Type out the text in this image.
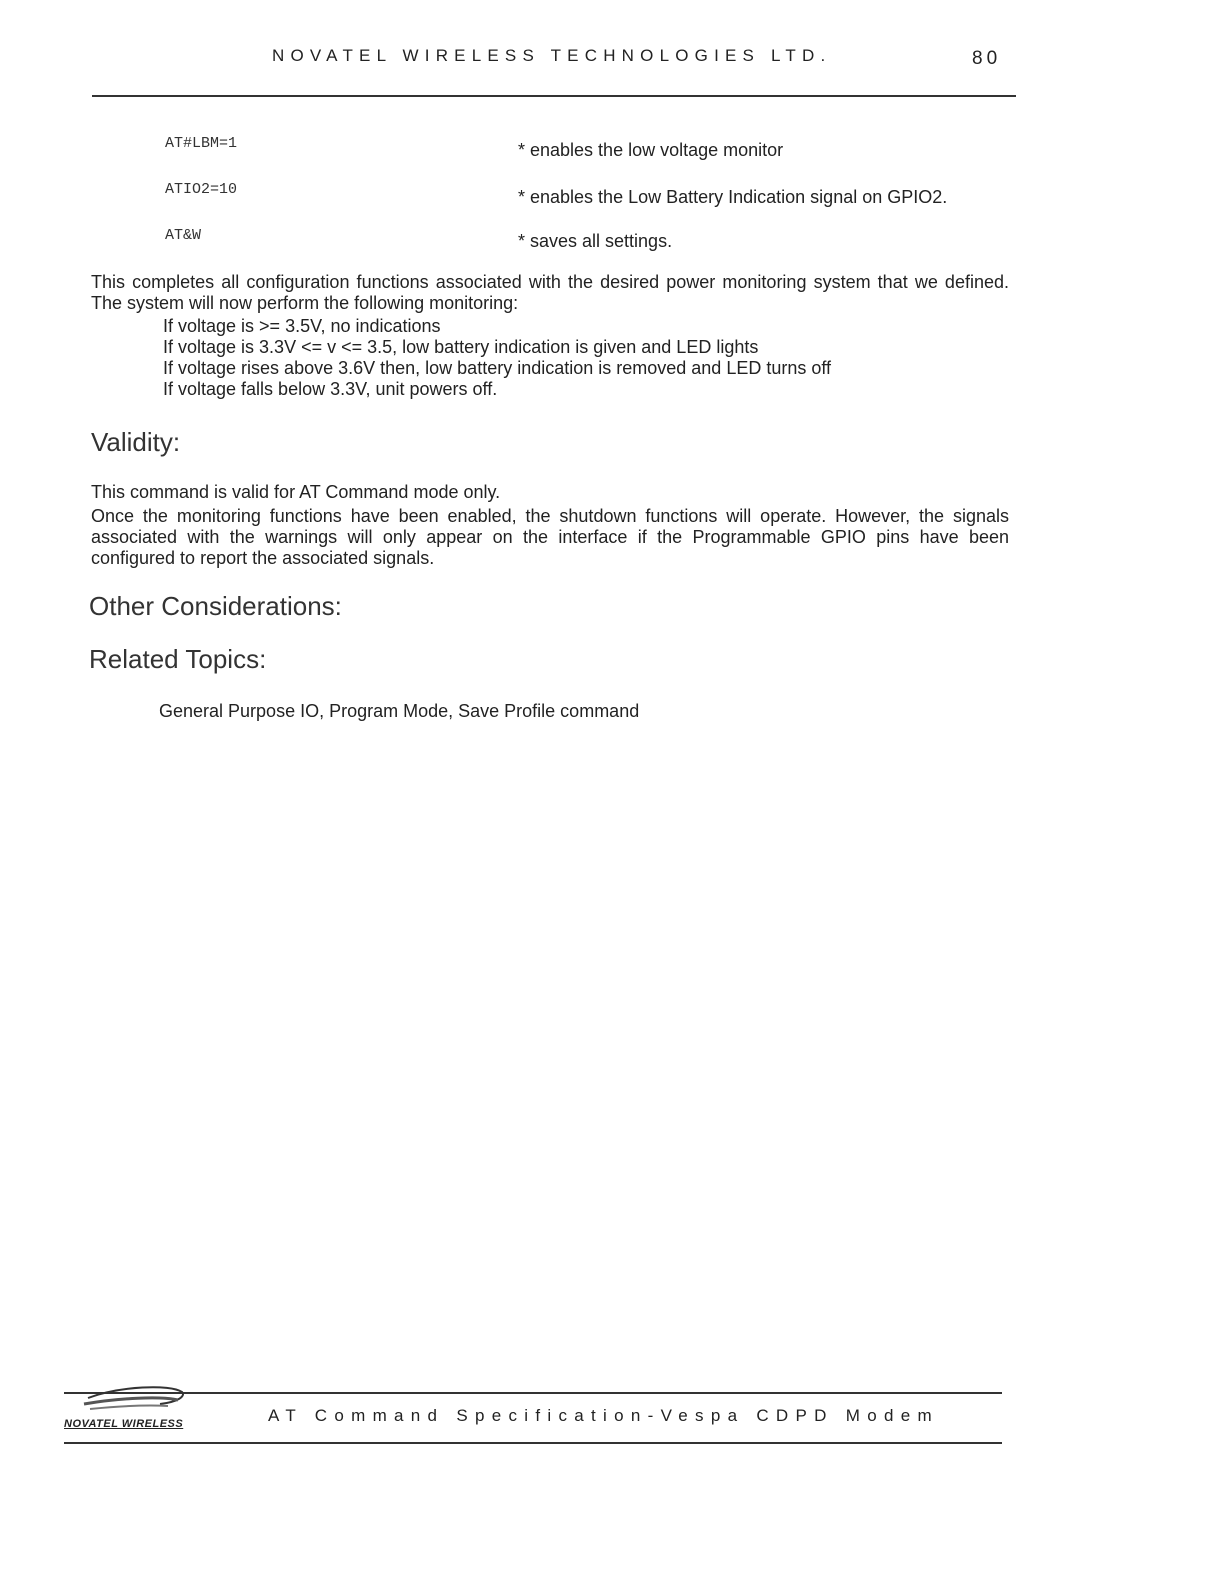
NOVATEL WIRELESS TECHNOLOGIES LTD.	80
AT#LBM=1	* enables the low voltage monitor
ATIO2=10	* enables the Low Battery Indication signal on GPIO2.
AT&W	* saves all settings.
This completes all configuration functions associated with the desired power monitoring system that we defined. The system will now perform the following monitoring:
If voltage is >= 3.5V, no indications
If voltage is 3.3V <= v <= 3.5, low battery indication is given and LED lights
If voltage rises above 3.6V then, low battery indication is removed and LED turns off
If voltage falls below 3.3V, unit powers off.
Validity:
This command is valid for AT Command mode only.
Once the monitoring functions have been enabled, the shutdown functions will operate. However, the signals associated with the warnings will only appear on the interface if the Programmable GPIO pins have been configured to report the associated signals.
Other Considerations:
Related Topics:
General Purpose IO, Program Mode, Save Profile command
NOVATEL WIRELESS	AT Command Specification-Vespa CDPD Modem
